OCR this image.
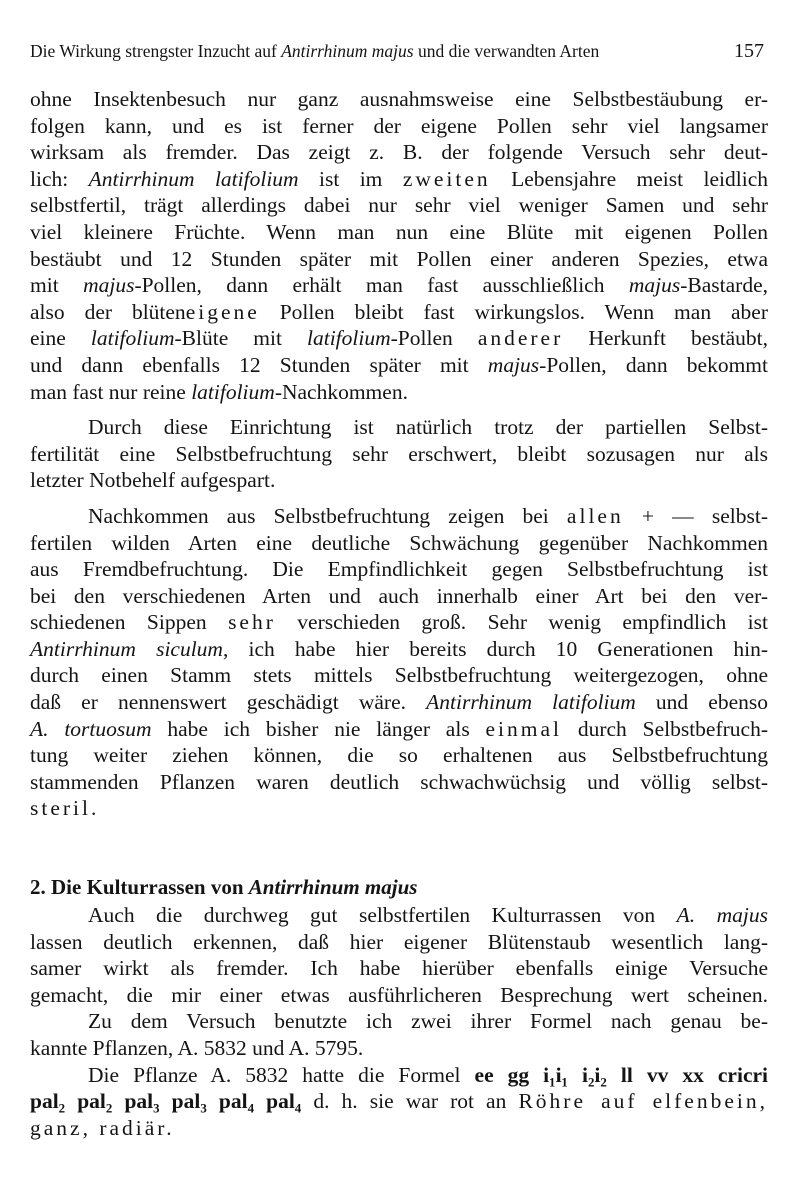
Die Wirkung strengster Inzucht auf Antirrhinum majus und die verwandten Arten	157
ohne Insektenbesuch nur ganz ausnahmsweise eine Selbstbestäubung er-
folgen kann, und es ist ferner der eigene Pollen sehr viel langsamer
wirksam als fremder. Das zeigt z. B. der folgende Versuch sehr deut-
lich: Antirrhinum latifolium ist im zweiten Lebensjahre meist leidlich
selbstfertil, trägt allerdings dabei nur sehr viel weniger Samen und sehr
viel kleinere Früchte. Wenn man nun eine Blüte mit eigenen Pollen
bestäubt und 12 Stunden später mit Pollen einer anderen Spezies, etwa
mit majus-Pollen, dann erhält man fast ausschließlich majus-Bastarde,
also der blüteneigene Pollen bleibt fast wirkungslos. Wenn man aber
eine latifolium-Blüte mit latifolium-Pollen anderer Herkunft bestäubt,
und dann ebenfalls 12 Stunden später mit majus-Pollen, dann bekommt
man fast nur reine latifolium-Nachkommen.
Durch diese Einrichtung ist natürlich trotz der partiellen Selbst-
fertilität eine Selbstbefruchtung sehr erschwert, bleibt sozusagen nur als
letzter Notbehelf aufgespart.
Nachkommen aus Selbstbefruchtung zeigen bei allen + — selbst-
fertilen wilden Arten eine deutliche Schwächung gegenüber Nachkommen
aus Fremdbefruchtung. Die Empfindlichkeit gegen Selbstbefruchtung ist
bei den verschiedenen Arten und auch innerhalb einer Art bei den ver-
schiedenen Sippen sehr verschieden groß. Sehr wenig empfindlich ist
Antirrhinum siculum, ich habe hier bereits durch 10 Generationen hin-
durch einen Stamm stets mittels Selbstbefruchtung weitergezogen, ohne
daß er nennenswert geschädigt wäre. Antirrhinum latifolium und ebenso
A. tortuosum habe ich bisher nie länger als einmal durch Selbstbefruch-
tung weiter ziehen können, die so erhaltenen aus Selbstbefruchtung
stammenden Pflanzen waren deutlich schwachwüchsig und völlig selbst-
steril.
2. Die Kulturrassen von Antirrhinum majus
Auch die durchweg gut selbstfertilen Kulturrassen von A. majus
lassen deutlich erkennen, daß hier eigener Blütenstaub wesentlich lang-
samer wirkt als fremder. Ich habe hierüber ebenfalls einige Versuche
gemacht, die mir einer etwas ausführlicheren Besprechung wert scheinen.
Zu dem Versuch benutzte ich zwei ihrer Formel nach genau be-
kannte Pflanzen, A. 5832 und A. 5795.
Die Pflanze A. 5832 hatte die Formel ee gg i₁i₁ i₂i₂ ll vv xx cricri
pal₂ pal₂ pal₃ pal₃ pal₄ pal₄ d. h. sie war rot an Röhre auf elfenbein,
ganz, radiär.
